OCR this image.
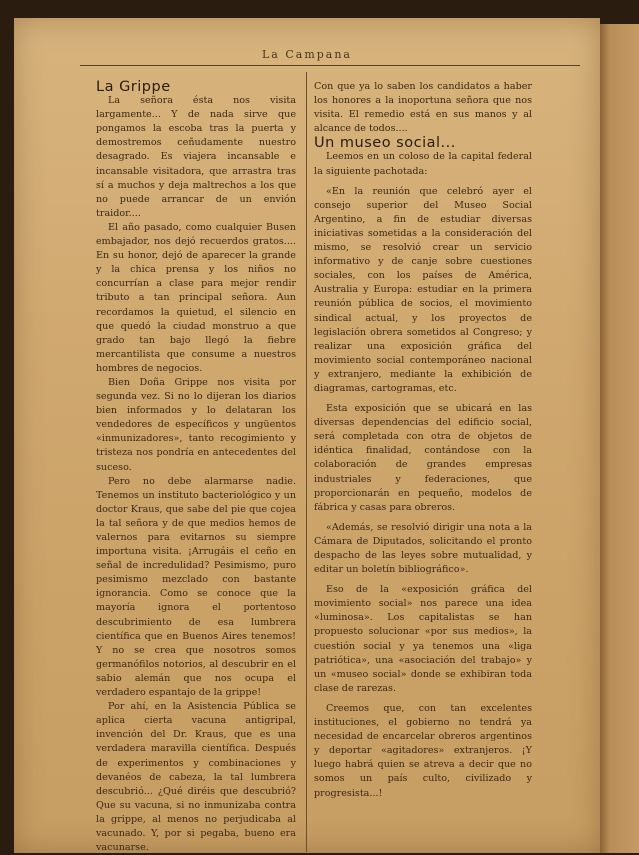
La Campana

La Grippe

La señora ésta nos visita largamente... Y de nada sirve que pongamos la escoba tras la puerta y demostremos ceñudamente nuestro desagrado. Es viajera incansable e incansable visitadora, que arrastra tras sí a muchos y deja maltrechos a los que no puede arrancar de un envión traidor....

El año pasado, como cualquier Busen embajador, nos dejó recuerdos gratos.... En su honor, dejó de aparecer la grande y la chica prensa y los niños no concurrían a clase para mejor rendir tributo a tan principal señora. Aun recordamos la quietud, el silencio en que quedó la ciudad monstruo a que grado tan bajo llegó la fiebre mercantilista que consume a nuestros hombres de negocios.

Bien Doña Grippe nos visita por segunda vez. Si no lo dijeran los diarios bien informados y lo delataran los vendedores de específicos y ungüentos «inmunizadores», tanto recogimiento y tristeza nos pondría en antecedentes del suceso.

Pero no debe alarmarse nadie. Tenemos un instituto bacteriológico y un doctor Kraus, que sabe del pie que cojea la tal señora y de que medios hemos de valernos para evitarnos su siempre importuna visita. ¡Arrugáis el ceño en señal de incredulidad? Pesimismo, puro pesimismo mezclado con bastante ignorancia. Como se conoce que la mayoría ignora el portentoso descubrimiento de esa lumbrera científica que en Buenos Aires tenemos! Y no se crea que nosotros somos germanófilos notorios, al descubrir en el sabio alemán que nos ocupa el verdadero espantajo de la grippe!

Por ahí, en la Asistencia Pública se aplica cierta vacuna antigripal, invención del Dr. Kraus, que es una verdadera maravilla científica. Después de experimentos y combinaciones y devanéos de cabeza, la tal lumbrera descubrió... ¿Qué diréis que descubrió? Que su vacuna, si no inmunizaba contra la grippe, al menos no perjudicaba al vacunado. Y, por si pegaba, bueno era vacunarse.

Con que ya lo saben los candidatos a haber los honores a la inoportuna señora que nos visita. El remedio está en sus manos y al alcance de todos....

Un museo social...

Leemos en un coloso de la capital federal la siguiente pachotada:

«En la reunión que celebró ayer el consejo superior del Museo Social Argentino, a fin de estudiar diversas iniciativas sometidas a la consideración del mismo, se resolvió crear un servicio informativo y de canje sobre cuestiones sociales, con los países de América, Australia y Europa: estudiar en la primera reunión pública de socios, el movimiento sindical actual, y los proyectos de legislación obrera sometidos al Congreso; y realizar una exposición gráfica del movimiento social contemporáneo nacional y extranjero, mediante la exhibición de diagramas, cartogramas, etc.

Esta exposición que se ubicará en las diversas dependencias del edificio social, será completada con otra de objetos de idéntica finalidad, contándose con la colaboración de grandes empresas industriales y federaciones, que proporcionarán en pequeño, modelos de fábrica y casas para obreros.

«Además, se resolvió dirigir una nota a la Cámara de Diputados, solicitando el pronto despacho de las leyes sobre mutualidad, y editar un boletín bibliográfico».

Eso de la «exposición gráfica del movimiento social» nos parece una idea «luminosa». Los capitalistas se han propuesto solucionar «por sus medios», la cuestión social y ya tenemos una «liga patriótica», una «asociación del trabajo» y un «museo social» donde se exhibiran toda clase de rarezas.

Creemos que, con tan excelentes instituciones, el gobierno no tendrá ya necesidad de encarcelar obreros argentinos y deportar «agitadores» extranjeros. ¡Y luego habrá quien se atreva a decir que no somos un país culto, civilizado y progresista...!
